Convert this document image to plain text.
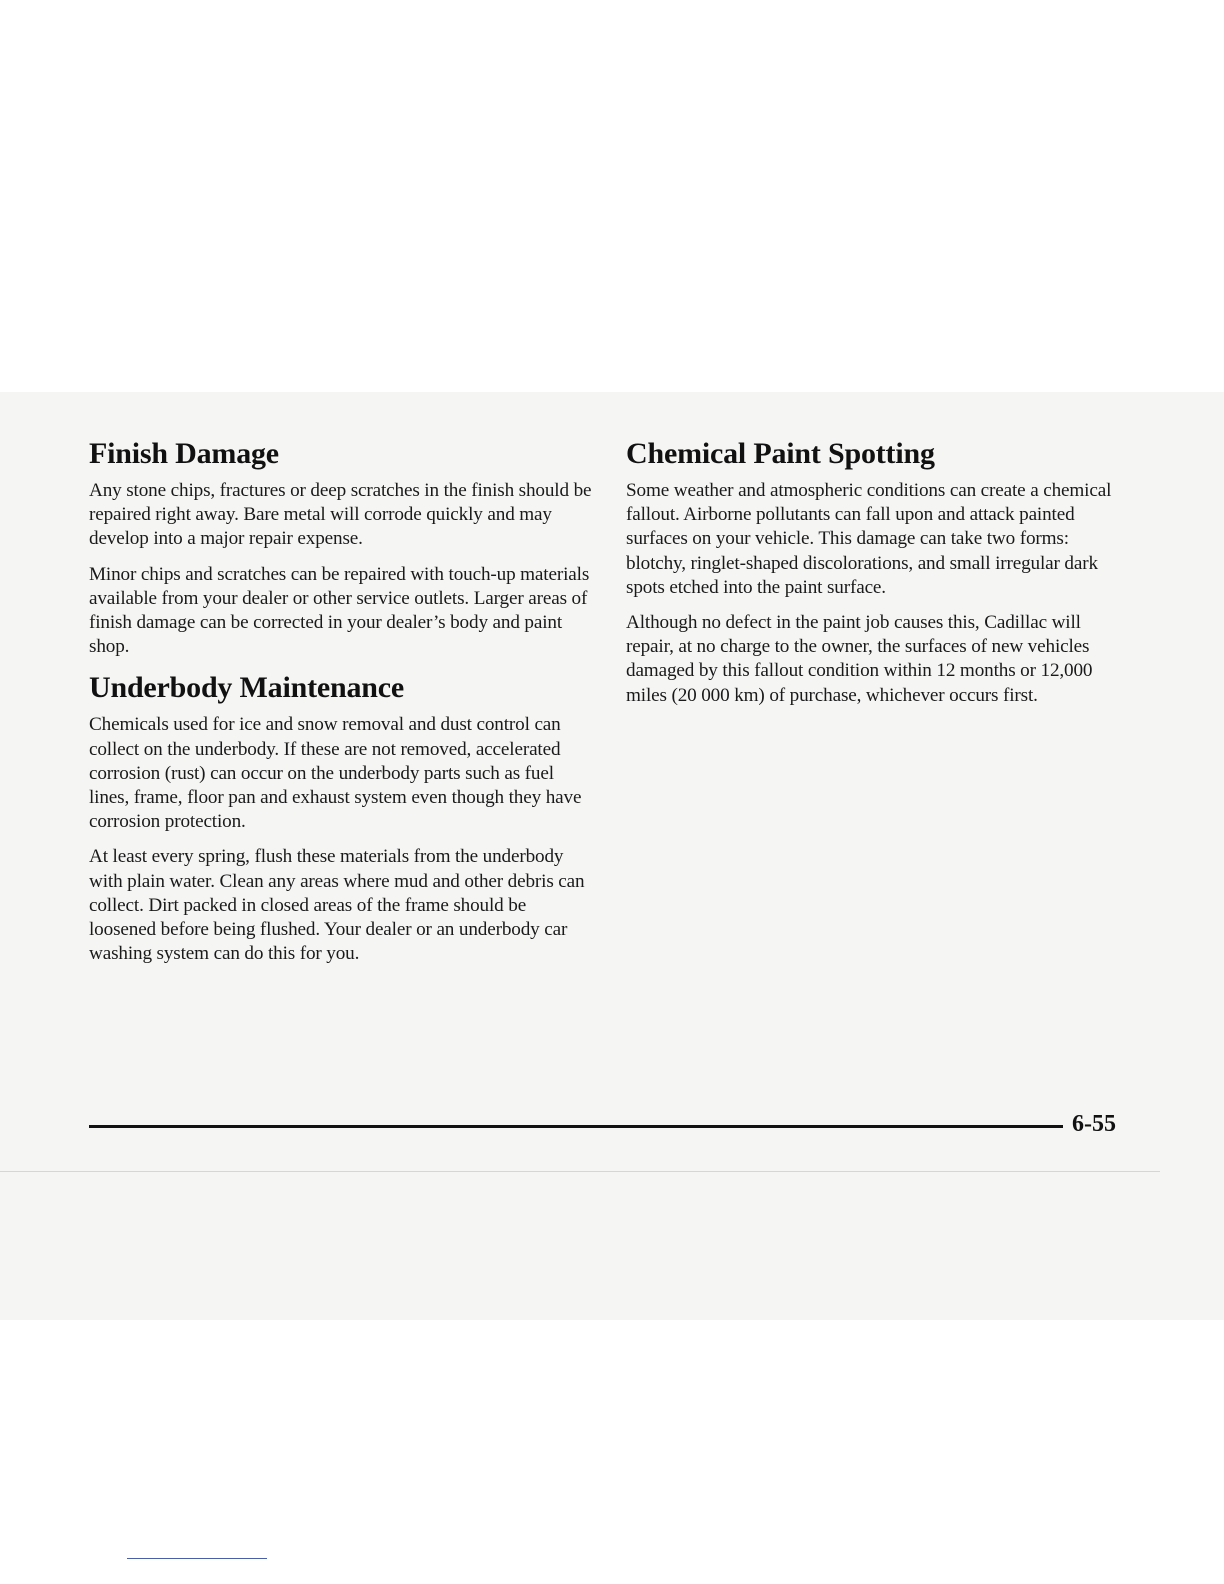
Finish Damage

Any stone chips, fractures or deep scratches in the finish should be repaired right away. Bare metal will corrode quickly and may develop into a major repair expense.

Minor chips and scratches can be repaired with touch-up materials available from your dealer or other service outlets. Larger areas of finish damage can be corrected in your dealer’s body and paint shop.

Underbody Maintenance

Chemicals used for ice and snow removal and dust control can collect on the underbody. If these are not removed, accelerated corrosion (rust) can occur on the underbody parts such as fuel lines, frame, floor pan and exhaust system even though they have corrosion protection.

At least every spring, flush these materials from the underbody with plain water. Clean any areas where mud and other debris can collect. Dirt packed in closed areas of the frame should be loosened before being flushed. Your dealer or an underbody car washing system can do this for you.

Chemical Paint Spotting

Some weather and atmospheric conditions can create a chemical fallout. Airborne pollutants can fall upon and attack painted surfaces on your vehicle. This damage can take two forms: blotchy, ringlet-shaped discolorations, and small irregular dark spots etched into the paint surface.

Although no defect in the paint job causes this, Cadillac will repair, at no charge to the owner, the surfaces of new vehicles damaged by this fallout condition within 12 months or 12,000 miles (20 000 km) of purchase, whichever occurs first.

6-55
